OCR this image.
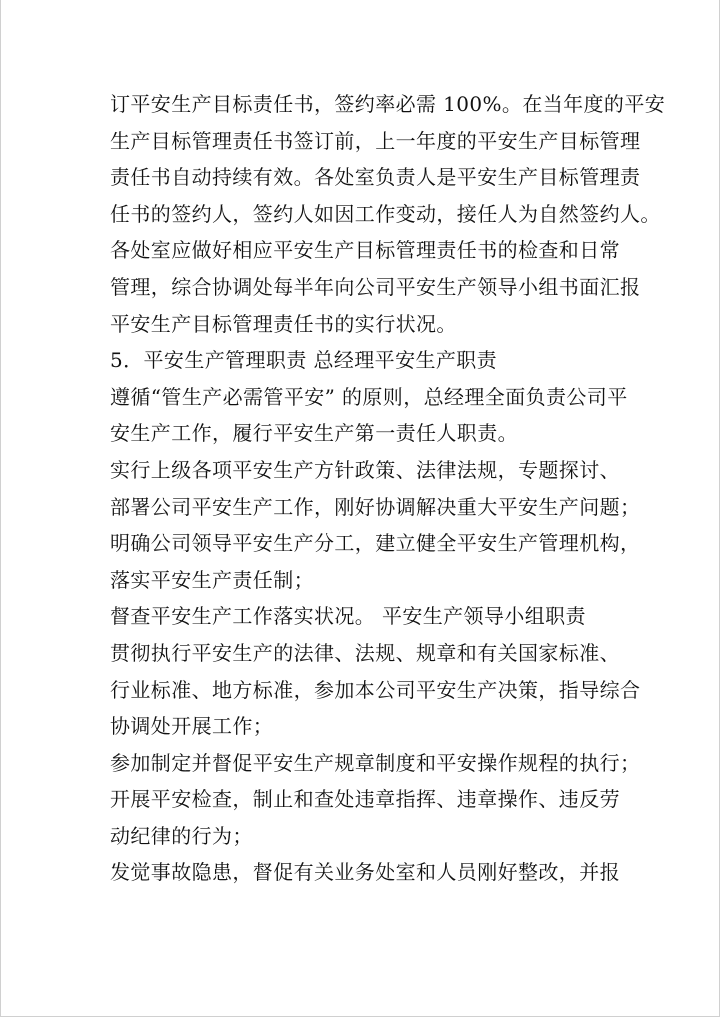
订平安生产目标责任书，签约率必需 100%。在当年度的平安
生产目标管理责任书签订前，上一年度的平安生产目标管理
责任书自动持续有效。各处室负责人是平安生产目标管理责
任书的签约人，签约人如因工作变动，接任人为自然签约人。
各处室应做好相应平安生产目标管理责任书的检查和日常
管理，综合协调处每半年向公司平安生产领导小组书面汇报
平安生产目标管理责任书的实行状况。
5．平安生产管理职责 总经理平安生产职责
遵循“管生产必需管平安” 的原则，总经理全面负责公司平
安生产工作，履行平安生产第一责任人职责。
实行上级各项平安生产方针政策、法律法规，专题探讨、
部署公司平安生产工作，刚好协调解决重大平安生产问题；
明确公司领导平安生产分工，建立健全平安生产管理机构，
落实平安生产责任制；
督查平安生产工作落实状况。 平安生产领导小组职责
贯彻执行平安生产的法律、法规、规章和有关国家标准、
行业标准、地方标准，参加本公司平安生产决策，指导综合
协调处开展工作；
参加制定并督促平安生产规章制度和平安操作规程的执行；
开展平安检查，制止和查处违章指挥、违章操作、违反劳
动纪律的行为；
发觉事故隐患，督促有关业务处室和人员刚好整改，并报
